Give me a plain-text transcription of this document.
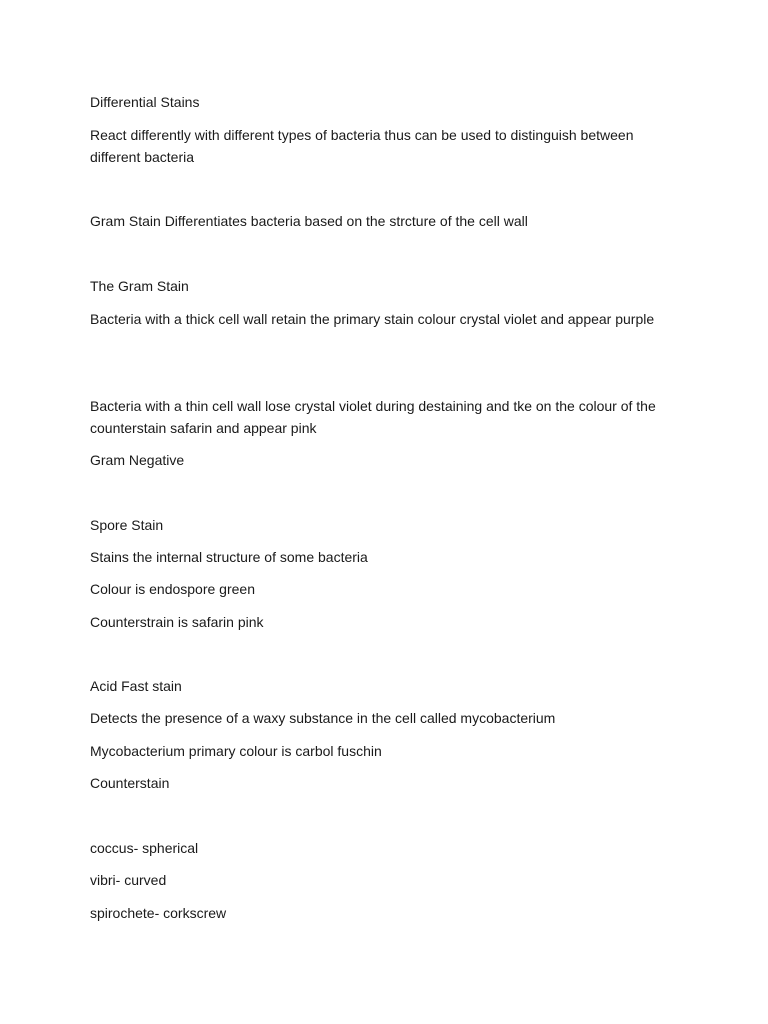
Differential Stains

React differently with different types of bacteria thus can be used to distinguish between different bacteria

Gram Stain Differentiates bacteria based on the strcture of the cell wall

The Gram Stain

Bacteria with a thick cell wall retain the primary stain colour crystal violet and appear purple

Bacteria with a thin cell wall lose crystal violet during destaining and tke on the colour of the counterstain safarin and appear pink

Gram Negative

Spore Stain

Stains the internal structure of some bacteria

Colour is endospore green

Counterstrain is safarin pink

Acid Fast stain

Detects the presence of a waxy substance in the cell called mycobacterium

Mycobacterium primary colour is carbol fuschin

Counterstain

coccus- spherical

vibri- curved

spirochete- corkscrew
